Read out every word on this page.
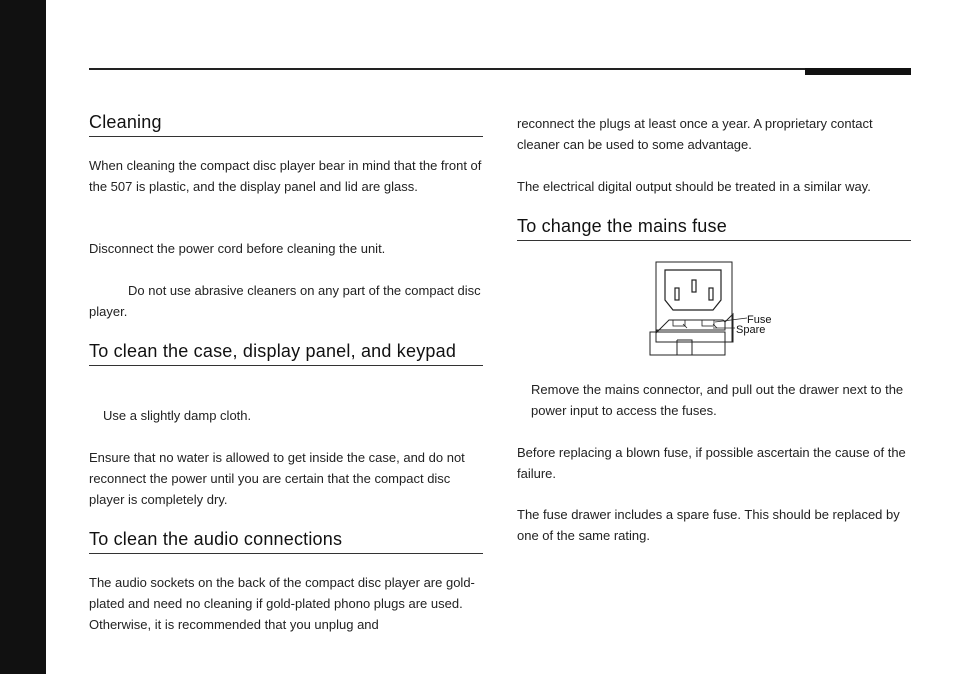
Cleaning

When cleaning the compact disc player bear in mind that the front of the 507 is plastic, and the display panel and lid are glass.

Disconnect the power cord before cleaning the unit.

Do not use abrasive cleaners on any part of the compact disc player.

To clean the case, display panel, and keypad

Use a slightly damp cloth.

Ensure that no water is allowed to get inside the case, and do not reconnect the power until you are certain that the compact disc player is completely dry.

To clean the audio connections

The audio sockets on the back of the compact disc player are gold-plated and need no cleaning if gold-plated phono plugs are used. Otherwise, it is recommended that you unplug and

reconnect the plugs at least once a year. A proprietary contact cleaner can be used to some advantage.

The electrical digital output should be treated in a similar way.

To change the mains fuse
Fuse
Spare

Remove the mains connector, and pull out the drawer next to the power input to access the fuses.

Before replacing a blown fuse, if possible ascertain the cause of the failure.

The fuse drawer includes a spare fuse. This should be replaced by one of the same rating.
